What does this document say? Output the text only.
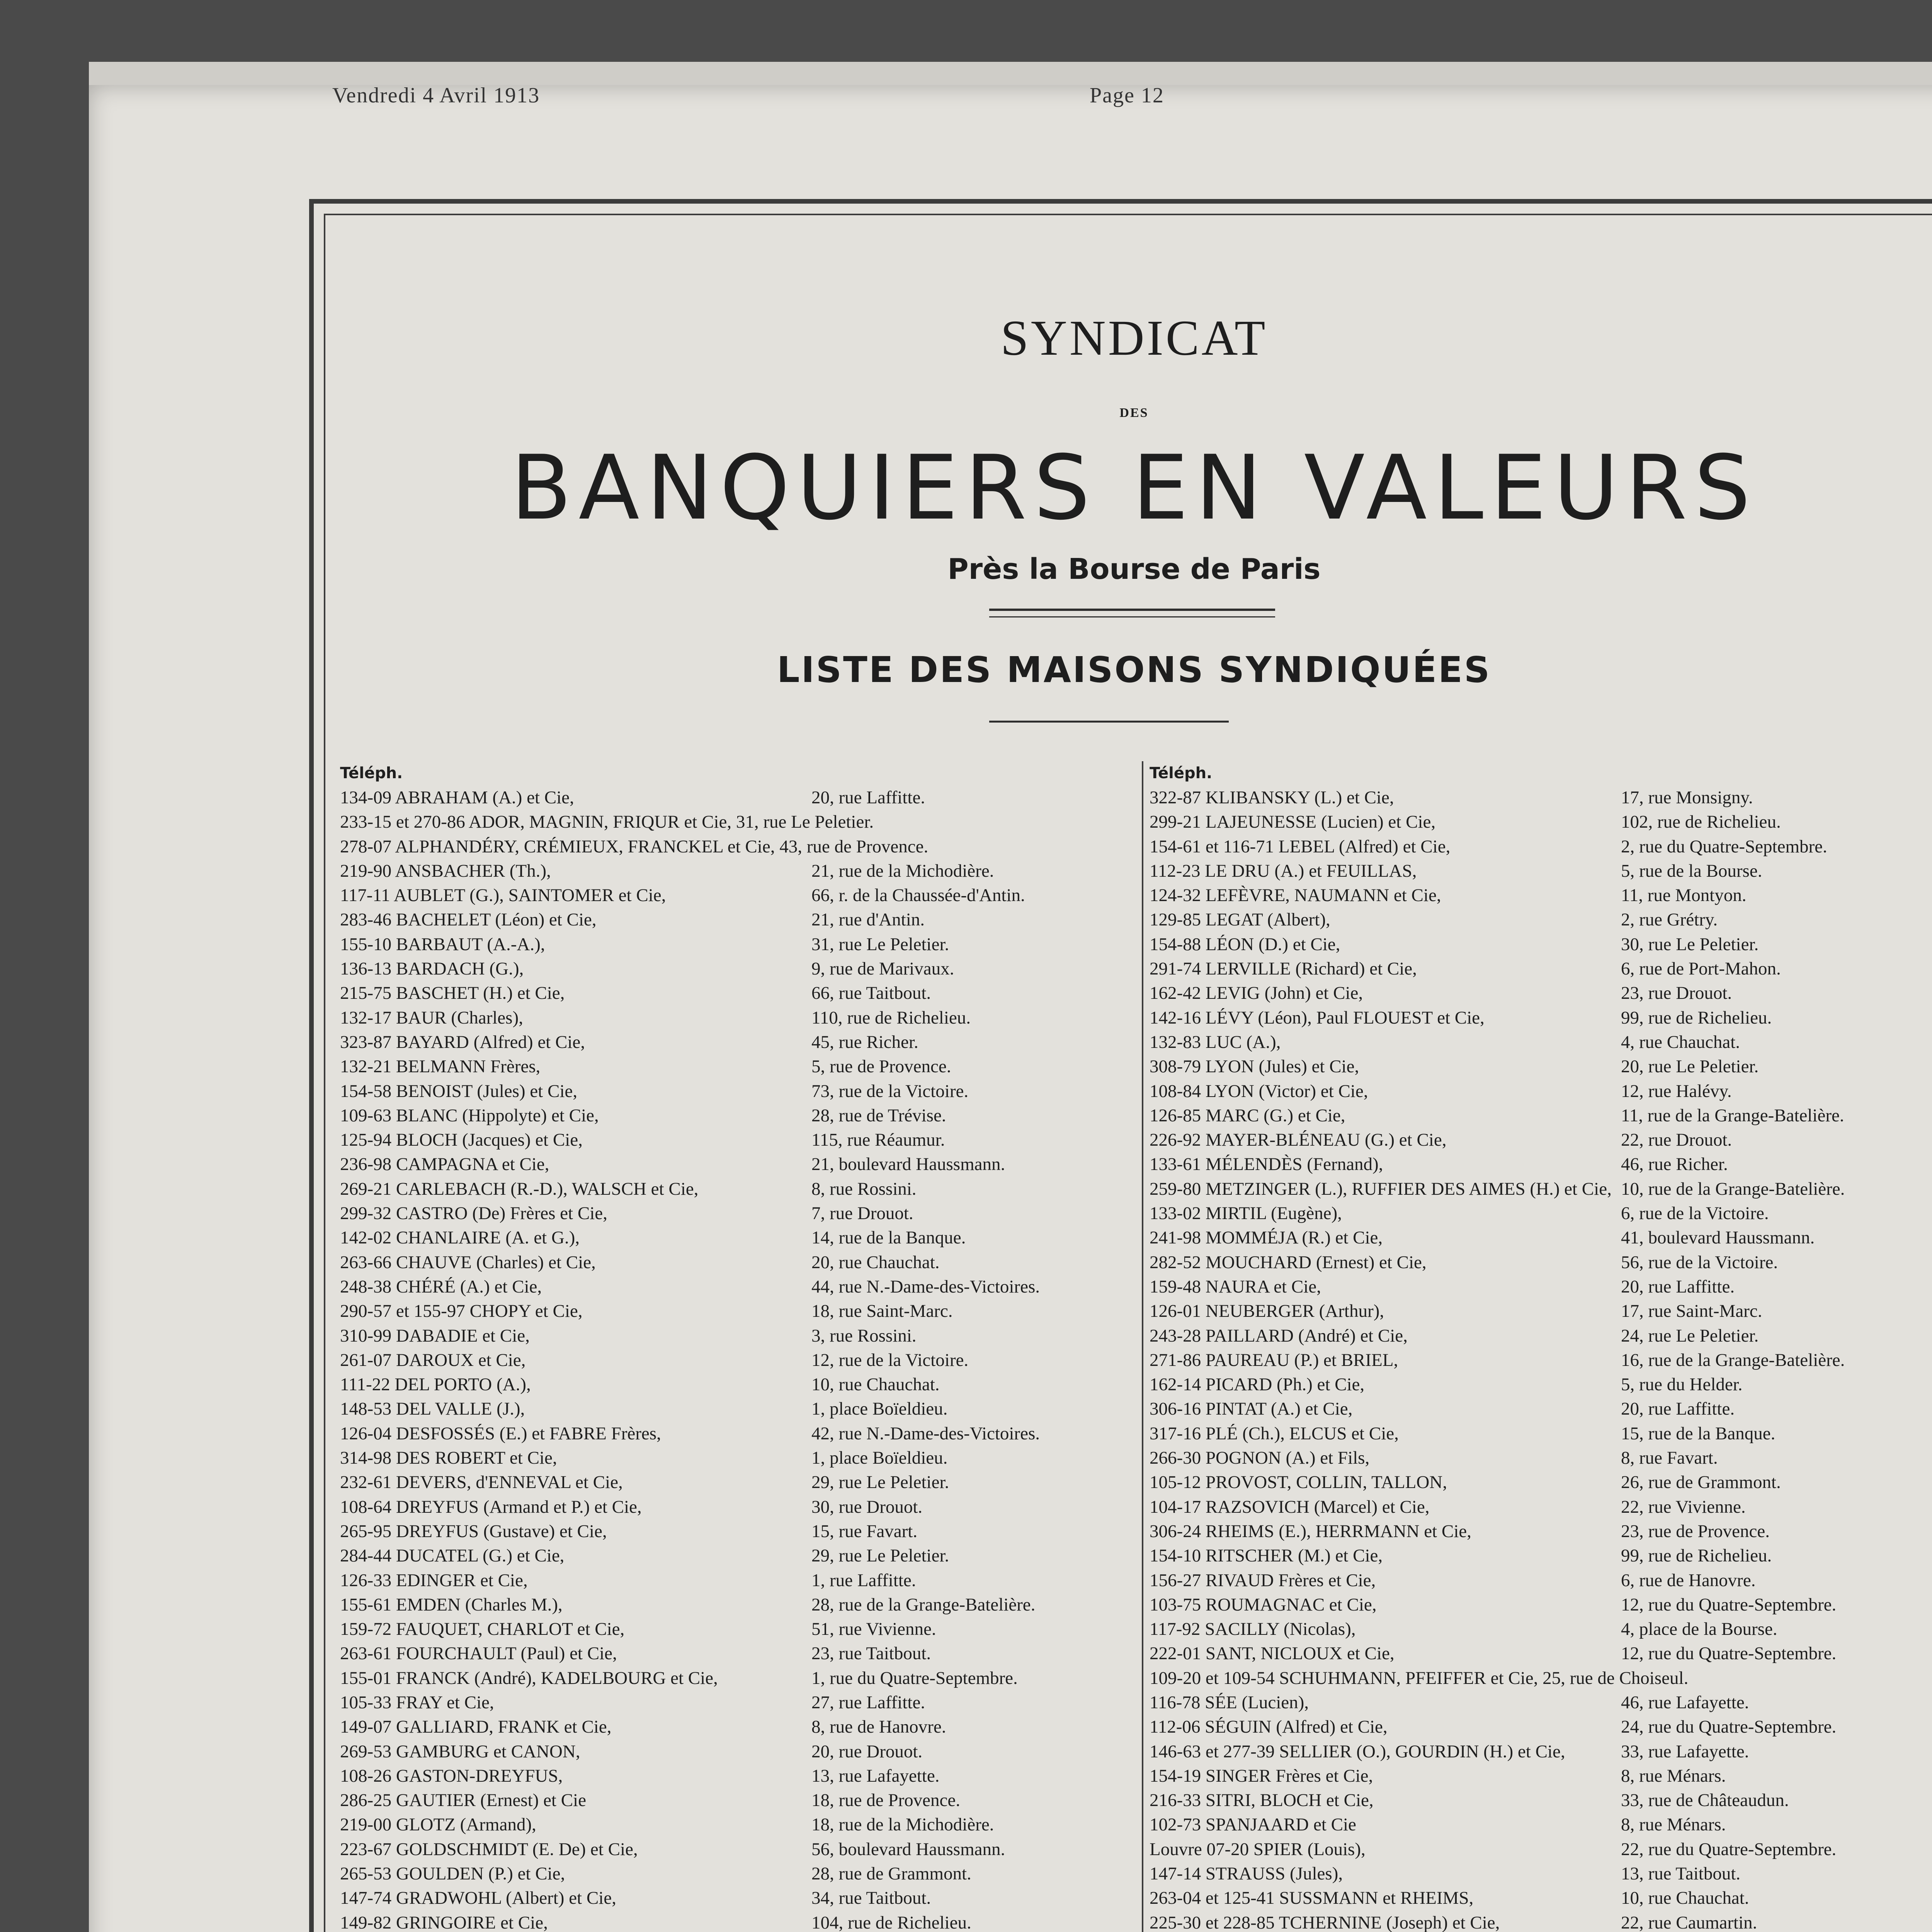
Vendredi 4 Avril 1913	Page 12
SYNDICAT
DES
BANQUIERS EN VALEURS
Près la Bourse de Paris
LISTE DES MAISONS SYNDIQUÉES
Téléph.
134-09 ABRAHAM (A.) et Cie,	20, rue Laffitte.
233-15 et 270-86 ADOR, MAGNIN, FRIQUR et Cie, 31, rue Le Peletier.
278-07 ALPHANDÉRY, CRÉMIEUX, FRANCKEL et Cie, 43, rue de Provence.
219-90 ANSBACHER (Th.),	21, rue de la Michodière.
117-11 AUBLET (G.), SAINTOMER et Cie,	66, r. de la Chaussée-d'Antin.
283-46 BACHELET (Léon) et Cie,	21, rue d'Antin.
155-10 BARBAUT (A.-A.),	31, rue Le Peletier.
136-13 BARDACH (G.),	9, rue de Marivaux.
215-75 BASCHET (H.) et Cie,	66, rue Taitbout.
132-17 BAUR (Charles),	110, rue de Richelieu.
323-87 BAYARD (Alfred) et Cie,	45, rue Richer.
132-21 BELMANN Frères,	5, rue de Provence.
154-58 BENOIST (Jules) et Cie,	73, rue de la Victoire.
109-63 BLANC (Hippolyte) et Cie,	28, rue de Trévise.
125-94 BLOCH (Jacques) et Cie,	115, rue Réaumur.
236-98 CAMPAGNA et Cie,	21, boulevard Haussmann.
269-21 CARLEBACH (R.-D.), WALSCH et Cie,	8, rue Rossini.
299-32 CASTRO (De) Frères et Cie,	7, rue Drouot.
142-02 CHANLAIRE (A. et G.),	14, rue de la Banque.
263-66 CHAUVE (Charles) et Cie,	20, rue Chauchat.
248-38 CHÉRÉ (A.) et Cie,	44, rue N.-Dame-des-Victoires.
290-57 et 155-97 CHOPY et Cie,	18, rue Saint-Marc.
310-99 DABADIE et Cie,	3, rue Rossini.
261-07 DAROUX et Cie,	12, rue de la Victoire.
111-22 DEL PORTO (A.),	10, rue Chauchat.
148-53 DEL VALLE (J.),	1, place Boïeldieu.
126-04 DESFOSSÉS (E.) et FABRE Frères,	42, rue N.-Dame-des-Victoires.
314-98 DES ROBERT et Cie,	1, place Boïeldieu.
232-61 DEVERS, d'ENNEVAL et Cie,	29, rue Le Peletier.
108-64 DREYFUS (Armand et P.) et Cie,	30, rue Drouot.
265-95 DREYFUS (Gustave) et Cie,	15, rue Favart.
284-44 DUCATEL (G.) et Cie,	29, rue Le Peletier.
126-33 EDINGER et Cie,	1, rue Laffitte.
155-61 EMDEN (Charles M.),	28, rue de la Grange-Batelière.
159-72 FAUQUET, CHARLOT et Cie,	51, rue Vivienne.
263-61 FOURCHAULT (Paul) et Cie,	23, rue Taitbout.
155-01 FRANCK (André), KADELBOURG et Cie,	1, rue du Quatre-Septembre.
105-33 FRAY et Cie,	27, rue Laffitte.
149-07 GALLIARD, FRANK et Cie,	8, rue de Hanovre.
269-53 GAMBURG et CANON,	20, rue Drouot.
108-26 GASTON-DREYFUS,	13, rue Lafayette.
286-25 GAUTIER (Ernest) et Cie	18, rue de Provence.
219-00 GLOTZ (Armand),	18, rue de la Michodière.
223-67 GOLDSCHMIDT (E. De) et Cie,	56, boulevard Haussmann.
265-53 GOULDEN (P.) et Cie,	28, rue de Grammont.
147-74 GRADWOHL (Albert) et Cie,	34, rue Taitbout.
149-82 GRINGOIRE et Cie,	104, rue de Richelieu.
Téléph.
322-87 KLIBANSKY (L.) et Cie,	17, rue Monsigny.
299-21 LAJEUNESSE (Lucien) et Cie,	102, rue de Richelieu.
154-61 et 116-71 LEBEL (Alfred) et Cie,	2, rue du Quatre-Septembre.
112-23 LE DRU (A.) et FEUILLAS,	5, rue de la Bourse.
124-32 LEFÈVRE, NAUMANN et Cie,	11, rue Montyon.
129-85 LEGAT (Albert),	2, rue Grétry.
154-88 LÉON (D.) et Cie,	30, rue Le Peletier.
291-74 LERVILLE (Richard) et Cie,	6, rue de Port-Mahon.
162-42 LEVIG (John) et Cie,	23, rue Drouot.
142-16 LÉVY (Léon), Paul FLOUEST et Cie,	99, rue de Richelieu.
132-83 LUC (A.),	4, rue Chauchat.
308-79 LYON (Jules) et Cie,	20, rue Le Peletier.
108-84 LYON (Victor) et Cie,	12, rue Halévy.
126-85 MARC (G.) et Cie,	11, rue de la Grange-Batelière.
226-92 MAYER-BLÉNEAU (G.) et Cie,	22, rue Drouot.
133-61 MÉLENDÈS (Fernand),	46, rue Richer.
259-80 METZINGER (L.), RUFFIER DES AIMES (H.) et Cie, 10, rue de la Grange-Batelière.
133-02 MIRTIL (Eugène),	6, rue de la Victoire.
241-98 MOMMÉJA (R.) et Cie,	41, boulevard Haussmann.
282-52 MOUCHARD (Ernest) et Cie,	56, rue de la Victoire.
159-48 NAURA et Cie,	20, rue Laffitte.
126-01 NEUBERGER (Arthur),	17, rue Saint-Marc.
243-28 PAILLARD (André) et Cie,	24, rue Le Peletier.
271-86 PAUREAU (P.) et BRIEL,	16, rue de la Grange-Batelière.
162-14 PICARD (Ph.) et Cie,	5, rue du Helder.
306-16 PINTAT (A.) et Cie,	20, rue Laffitte.
317-16 PLÉ (Ch.), ELCUS et Cie,	15, rue de la Banque.
266-30 POGNON (A.) et Fils,	8, rue Favart.
105-12 PROVOST, COLLIN, TALLON,	26, rue de Grammont.
104-17 RAZSOVICH (Marcel) et Cie,	22, rue Vivienne.
306-24 RHEIMS (E.), HERRMANN et Cie,	23, rue de Provence.
154-10 RITSCHER (M.) et Cie,	99, rue de Richelieu.
156-27 RIVAUD Frères et Cie,	6, rue de Hanovre.
103-75 ROUMAGNAC et Cie,	12, rue du Quatre-Septembre.
117-92 SACILLY (Nicolas),	4, place de la Bourse.
222-01 SANT, NICLOUX et Cie,	12, rue du Quatre-Septembre.
109-20 et 109-54 SCHUHMANN, PFEIFFER et Cie, 25, rue de Choiseul.
116-78 SÉE (Lucien),	46, rue Lafayette.
112-06 SÉGUIN (Alfred) et Cie,	24, rue du Quatre-Septembre.
146-63 et 277-39 SELLIER (O.), GOURDIN (H.) et Cie,	33, rue Lafayette.
154-19 SINGER Frères et Cie,	8, rue Ménars.
216-33 SITRI, BLOCH et Cie,	33, rue de Châteaudun.
102-73 SPANJAARD et Cie	8, rue Ménars.
Louvre 07-20 SPIER (Louis),	22, rue du Quatre-Septembre.
147-14 STRAUSS (Jules),	13, rue Taitbout.
263-04 et 125-41 SUSSMANN et RHEIMS,	10, rue Chauchat.
225-30 et 228-85 TCHERNINE (Joseph) et Cie,	22, rue Caumartin.
